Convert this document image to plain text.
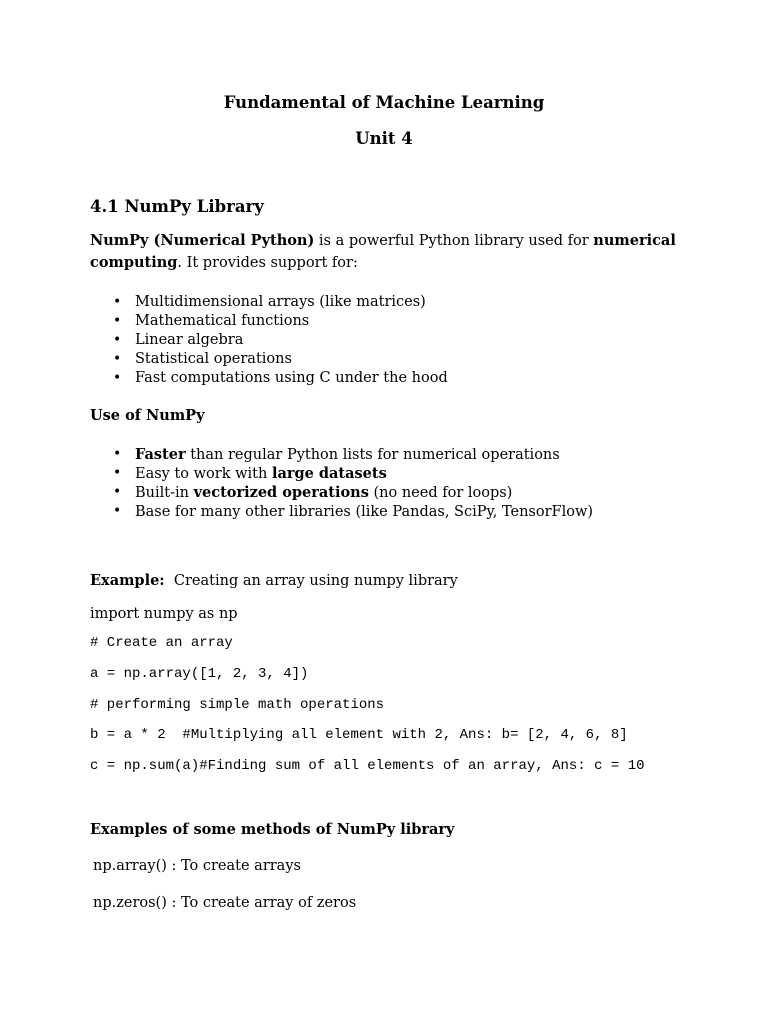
Fundamental of Machine Learning
Unit 4
4.1 NumPy Library
NumPy (Numerical Python) is a powerful Python library used for numerical computing. It provides support for:
• Multidimensional arrays (like matrices)
• Mathematical functions
• Linear algebra
• Statistical operations
• Fast computations using C under the hood
Use of NumPy
• Faster than regular Python lists for numerical operations
• Easy to work with large datasets
• Built-in vectorized operations (no need for loops)
• Base for many other libraries (like Pandas, SciPy, TensorFlow)
Example:  Creating an array using numpy library
import numpy as np
# Create an array
a = np.array([1, 2, 3, 4])
# performing simple math operations
b = a * 2  #Multiplying all element with 2, Ans: b= [2, 4, 6, 8]
c = np.sum(a)#Finding sum of all elements of an array, Ans: c = 10
Examples of some methods of NumPy library
np.array() : To create arrays
np.zeros() : To create array of zeros
